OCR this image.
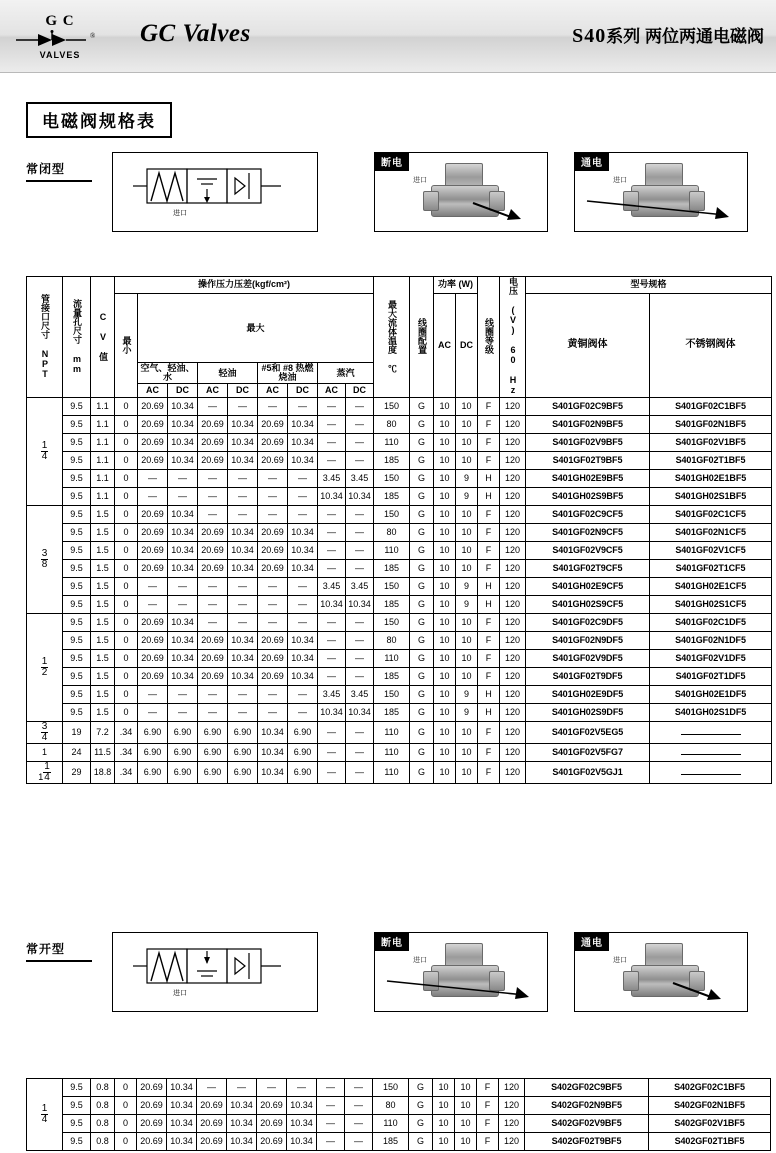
G C
®
VALVES
GC Valves	S40系列 两位两通电磁阀
电磁阀规格表
常闭型
进口
断电
进口
通电
进口
管接口尺寸 NPT	流量孔尺寸 mm	C V 值	操作压力压差(kgf/cm²)									最大流体温度 ℃	线圈配置	功率 (W)		线圈等级	电压 (V) 60 Hz	型号规格	
			最小	最大										AC	DC			黄铜阀体	不锈钢阀体
				空气、轻油、水		轻油		#5和 #8 热燃烧油		蒸汽									
				AC	DC	AC	DC	AC	DC	AC	DC								

$\frac{1}{4}$	9.5	1.1	0	20.69	10.34	—	—	—	—	—	—	150	G	10	10	F	120	S401GF02C9BF5	S401GF02C1BF5
	9.5	1.1	0	20.69	10.34	20.69	10.34	20.69	10.34	—	—	80	G	10	10	F	120	S401GF02N9BF5	S401GF02N1BF5
	9.5	1.1	0	20.69	10.34	20.69	10.34	20.69	10.34	—	—	110	G	10	10	F	120	S401GF02V9BF5	S401GF02V1BF5
	9.5	1.1	0	20.69	10.34	20.69	10.34	20.69	10.34	—	—	185	G	10	10	F	120	S401GF02T9BF5	S401GF02T1BF5
	9.5	1.1	0	—	—	—	—	—	—	3.45	3.45	150	G	10	9	H	120	S401GH02E9BF5	S401GH02E1BF5
	9.5	1.1	0	—	—	—	—	—	—	10.34	10.34	185	G	10	9	H	120	S401GH02S9BF5	S401GH02S1BF5

$\frac{3}{8}$	9.5	1.5	0	20.69	10.34	—	—	—	—	—	—	150	G	10	10	F	120	S401GF02C9CF5	S401GF02C1CF5
	9.5	1.5	0	20.69	10.34	20.69	10.34	20.69	10.34	—	—	80	G	10	10	F	120	S401GF02N9CF5	S401GF02N1CF5
	9.5	1.5	0	20.69	10.34	20.69	10.34	20.69	10.34	—	—	110	G	10	10	F	120	S401GF02V9CF5	S401GF02V1CF5
	9.5	1.5	0	20.69	10.34	20.69	10.34	20.69	10.34	—	—	185	G	10	10	F	120	S401GF02T9CF5	S401GF02T1CF5
	9.5	1.5	0	—	—	—	—	—	—	3.45	3.45	150	G	10	9	H	120	S401GH02E9CF5	S401GH02E1CF5
	9.5	1.5	0	—	—	—	—	—	—	10.34	10.34	185	G	10	9	H	120	S401GH02S9CF5	S401GH02S1CF5

$\frac{1}{2}$	9.5	1.5	0	20.69	10.34	—	—	—	—	—	—	150	G	10	10	F	120	S401GF02C9DF5	S401GF02C1DF5
	9.5	1.5	0	20.69	10.34	20.69	10.34	20.69	10.34	—	—	80	G	10	10	F	120	S401GF02N9DF5	S401GF02N1DF5
	9.5	1.5	0	20.69	10.34	20.69	10.34	20.69	10.34	—	—	110	G	10	10	F	120	S401GF02V9DF5	S401GF02V1DF5
	9.5	1.5	0	20.69	10.34	20.69	10.34	20.69	10.34	—	—	185	G	10	10	F	120	S401GF02T9DF5	S401GF02T1DF5
	9.5	1.5	0	—	—	—	—	—	—	3.45	3.45	150	G	10	9	H	120	S401GH02E9DF5	S401GH02E1DF5
	9.5	1.5	0	—	—	—	—	—	—	10.34	10.34	185	G	10	9	H	120	S401GH02S9DF5	S401GH02S1DF5

$\frac{3}{4}$	19	7.2	.34	6.90	6.90	6.90	6.90	10.34	6.90	—	—	110	G	10	10	F	120	S401GF02V5EG5	
1	24	11.5	.34	6.90	6.90	6.90	6.90	10.34	6.90	—	—	110	G	10	10	F	120	S401GF02V5FG7	
$1 \frac{1}{4}$	29	18.8	.34	6.90	6.90	6.90	6.90	10.34	6.90	—	—	110	G	10	10	F	120	S401GF02V5GJ1	
常开型
进口
断电
进口
通电
进口
$\frac{1}{4}$	9.5	0.8	0	20.69	10.34	—	—	—	—	—	—	150	G	10	10	F	120	S402GF02C9BF5	S402GF02C1BF5
	9.5	0.8	0	20.69	10.34	20.69	10.34	20.69	10.34	—	—	80	G	10	10	F	120	S402GF02N9BF5	S402GF02N1BF5
	9.5	0.8	0	20.69	10.34	20.69	10.34	20.69	10.34	—	—	110	G	10	10	F	120	S402GF02V9BF5	S402GF02V1BF5
	9.5	0.8	0	20.69	10.34	20.69	10.34	20.69	10.34	—	—	185	G	10	10	F	120	S402GF02T9BF5	S402GF02T1BF5
